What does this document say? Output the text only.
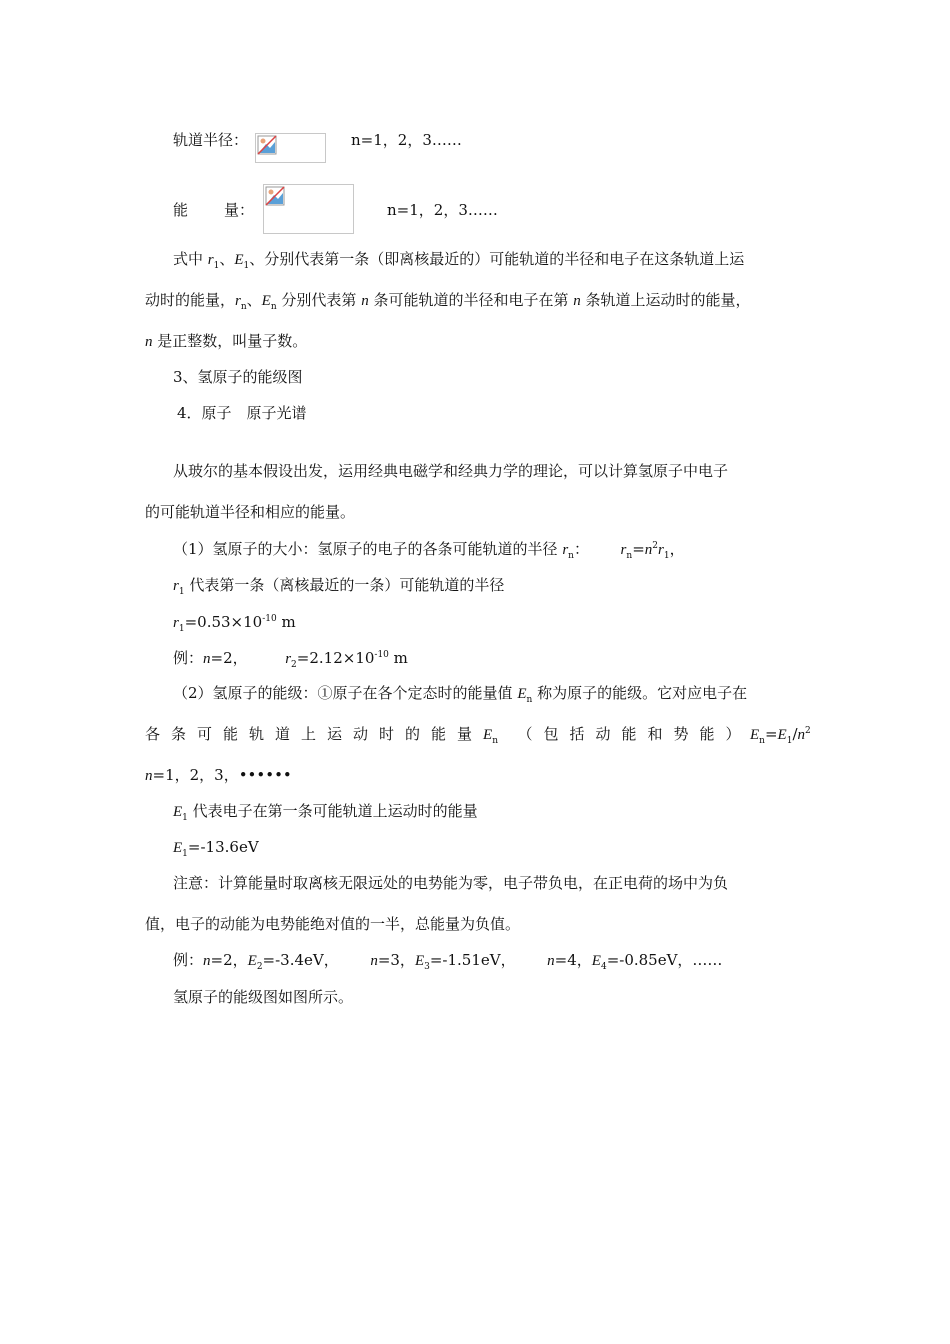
轨道半径：	n=1，2，3……
能 量：	n=1，2，3……
式中 $r_1$、$E_1$、分别代表第一条（即离核最近的）可能轨道的半径和电子在这条轨道上运
动时的能量，$r_n$、$E_n$ 分别代表第 n 条可能轨道的半径和电子在第 n 条轨道上运动时的能量，
n 是正整数，叫量子数。
3、氢原子的能级图
4．原子　原子光谱
从玻尔的基本假设出发，运用经典电磁学和经典力学的理论，可以计算氢原子中电子
的可能轨道半径和相应的能量。
（1）氢原子的大小：氢原子的电子的各条可能轨道的半径 $r_n$： $r_n=n^2r_1$，
$r_1$ 代表第一条（离核最近的一条）可能轨道的半径
$r_1=0.53\times 10^{-10}$ m
例：n=2，	$r_2=2.12\times 10^{-10}$ m
（2）氢原子的能级：①原子在各个定态时的能量值 $E_n$ 称为原子的能级。它对应电子在
各条可能轨道上运动时的能量$E_n$ （包括动能和势能）
$E_n=E_1/n^2$
n=1，2，3，••••••
$E_1$ 代表电子在第一条可能轨道上运动时的能量
$E_1=-13.6eV$
注意：计算能量时取离核无限远处的电势能为零，电子带负电，在正电荷的场中为负
值，电子的动能为电势能绝对值的一半，总能量为负值。
例：n=2，$E_2=-3.4eV$， n=3，$E_3=-1.51eV$， n=4，$E_4=-0.85eV$，……
氢原子的能级图如图所示。
